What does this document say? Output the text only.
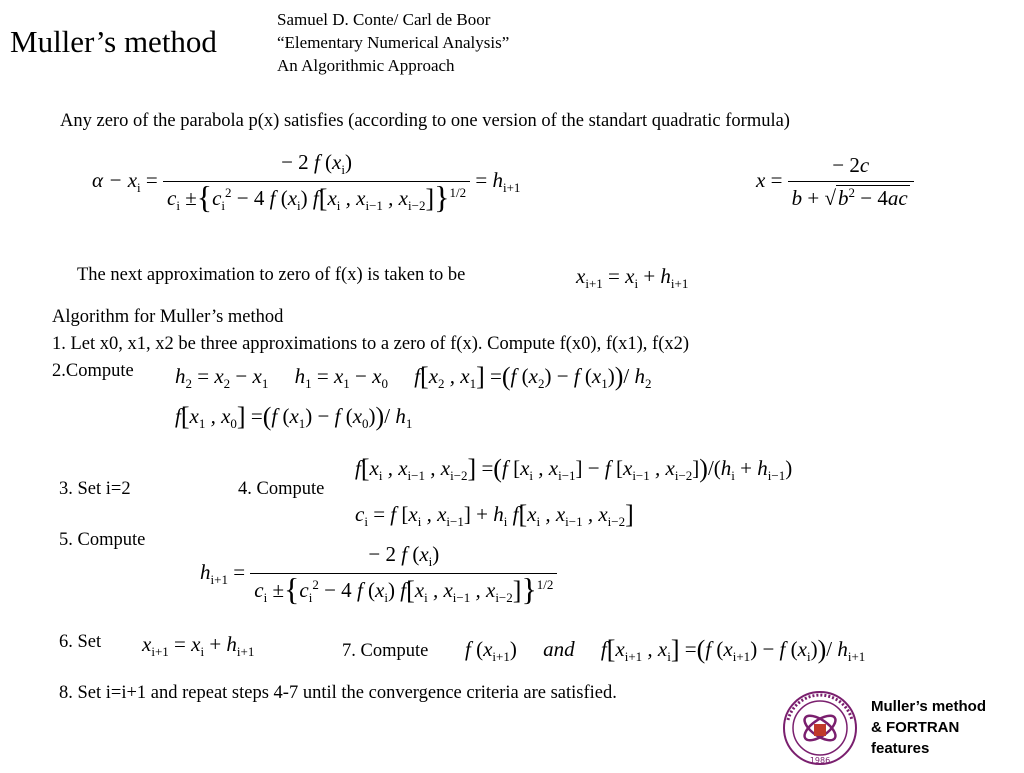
Muller’s method
Samuel D. Conte/ Carl de Boor
“Elementary Numerical Analysis”
An Algorithmic Approach
Any zero of the parabola p(x) satisfies (according to one version of the standart quadratic formula)
$\alpha - x_i = \frac{- 2 f (x_i)}{c_i \pm\{c_i^2 - 4 f (x_i) f[x_i , x_{i-1} , x_{i-2}]\}^{1/2}} = h_{i+1}$	$x = \frac{- 2c}{b + √b^2 - 4ac}$
The next approximation to zero of f(x) is taken to be	$x_{i+1} = x_i + h_{i+1}$
Algorithm for Muller’s method
1. Let x0, x1, x2 be three approximations to a zero of f(x). Compute f(x0), f(x1), f(x2)
2.Compute $h_2 = x_2 - x_1$     $h_1 = x_1 - x_0$     $f[x_2$ , $x_1] =(f$ $(x_2) - f$ $(x_1))/$ $h_2$
$f[x_1$ , $x_0] =(f$ $(x_1) - f$ $(x_0))/$ $h_1$
3. Set i=2	4. Compute
$f[x_i$ , $x_{i-1}$ , $x_{i-2}] =(f$ [$x_i$ , $x_{i-1}] - f$ [$x_{i-1}$ , $x_{i-2}])/(h_i + h_{i-1})$
$c_i = f$ [$x_i$ , $x_{i-1}] + h_i$ $f[x_i$ , $x_{i-1}$ , $x_{i-2}$]
5. Compute
$h_{i+1} = \frac{- 2 f (x_i)}{c_i \pm\{c_i^2 - 4 f (x_i) f[x_i , x_{i-1} , x_{i-2}]\}^{1/2}}$
6. Set $x_{i+1} = x_i + h_{i+1}$	7. Compute f $(x_{i+1})$ and     $f[x_{i+1}$ , $x_i] =(f$ $(x_{i+1}) - f$ $(x_i))/$ $h_{i+1}$
8. Set i=i+1 and repeat steps 4-7 until the convergence criteria are satisfied.
1986
Muller’s method
& FORTRAN
features
